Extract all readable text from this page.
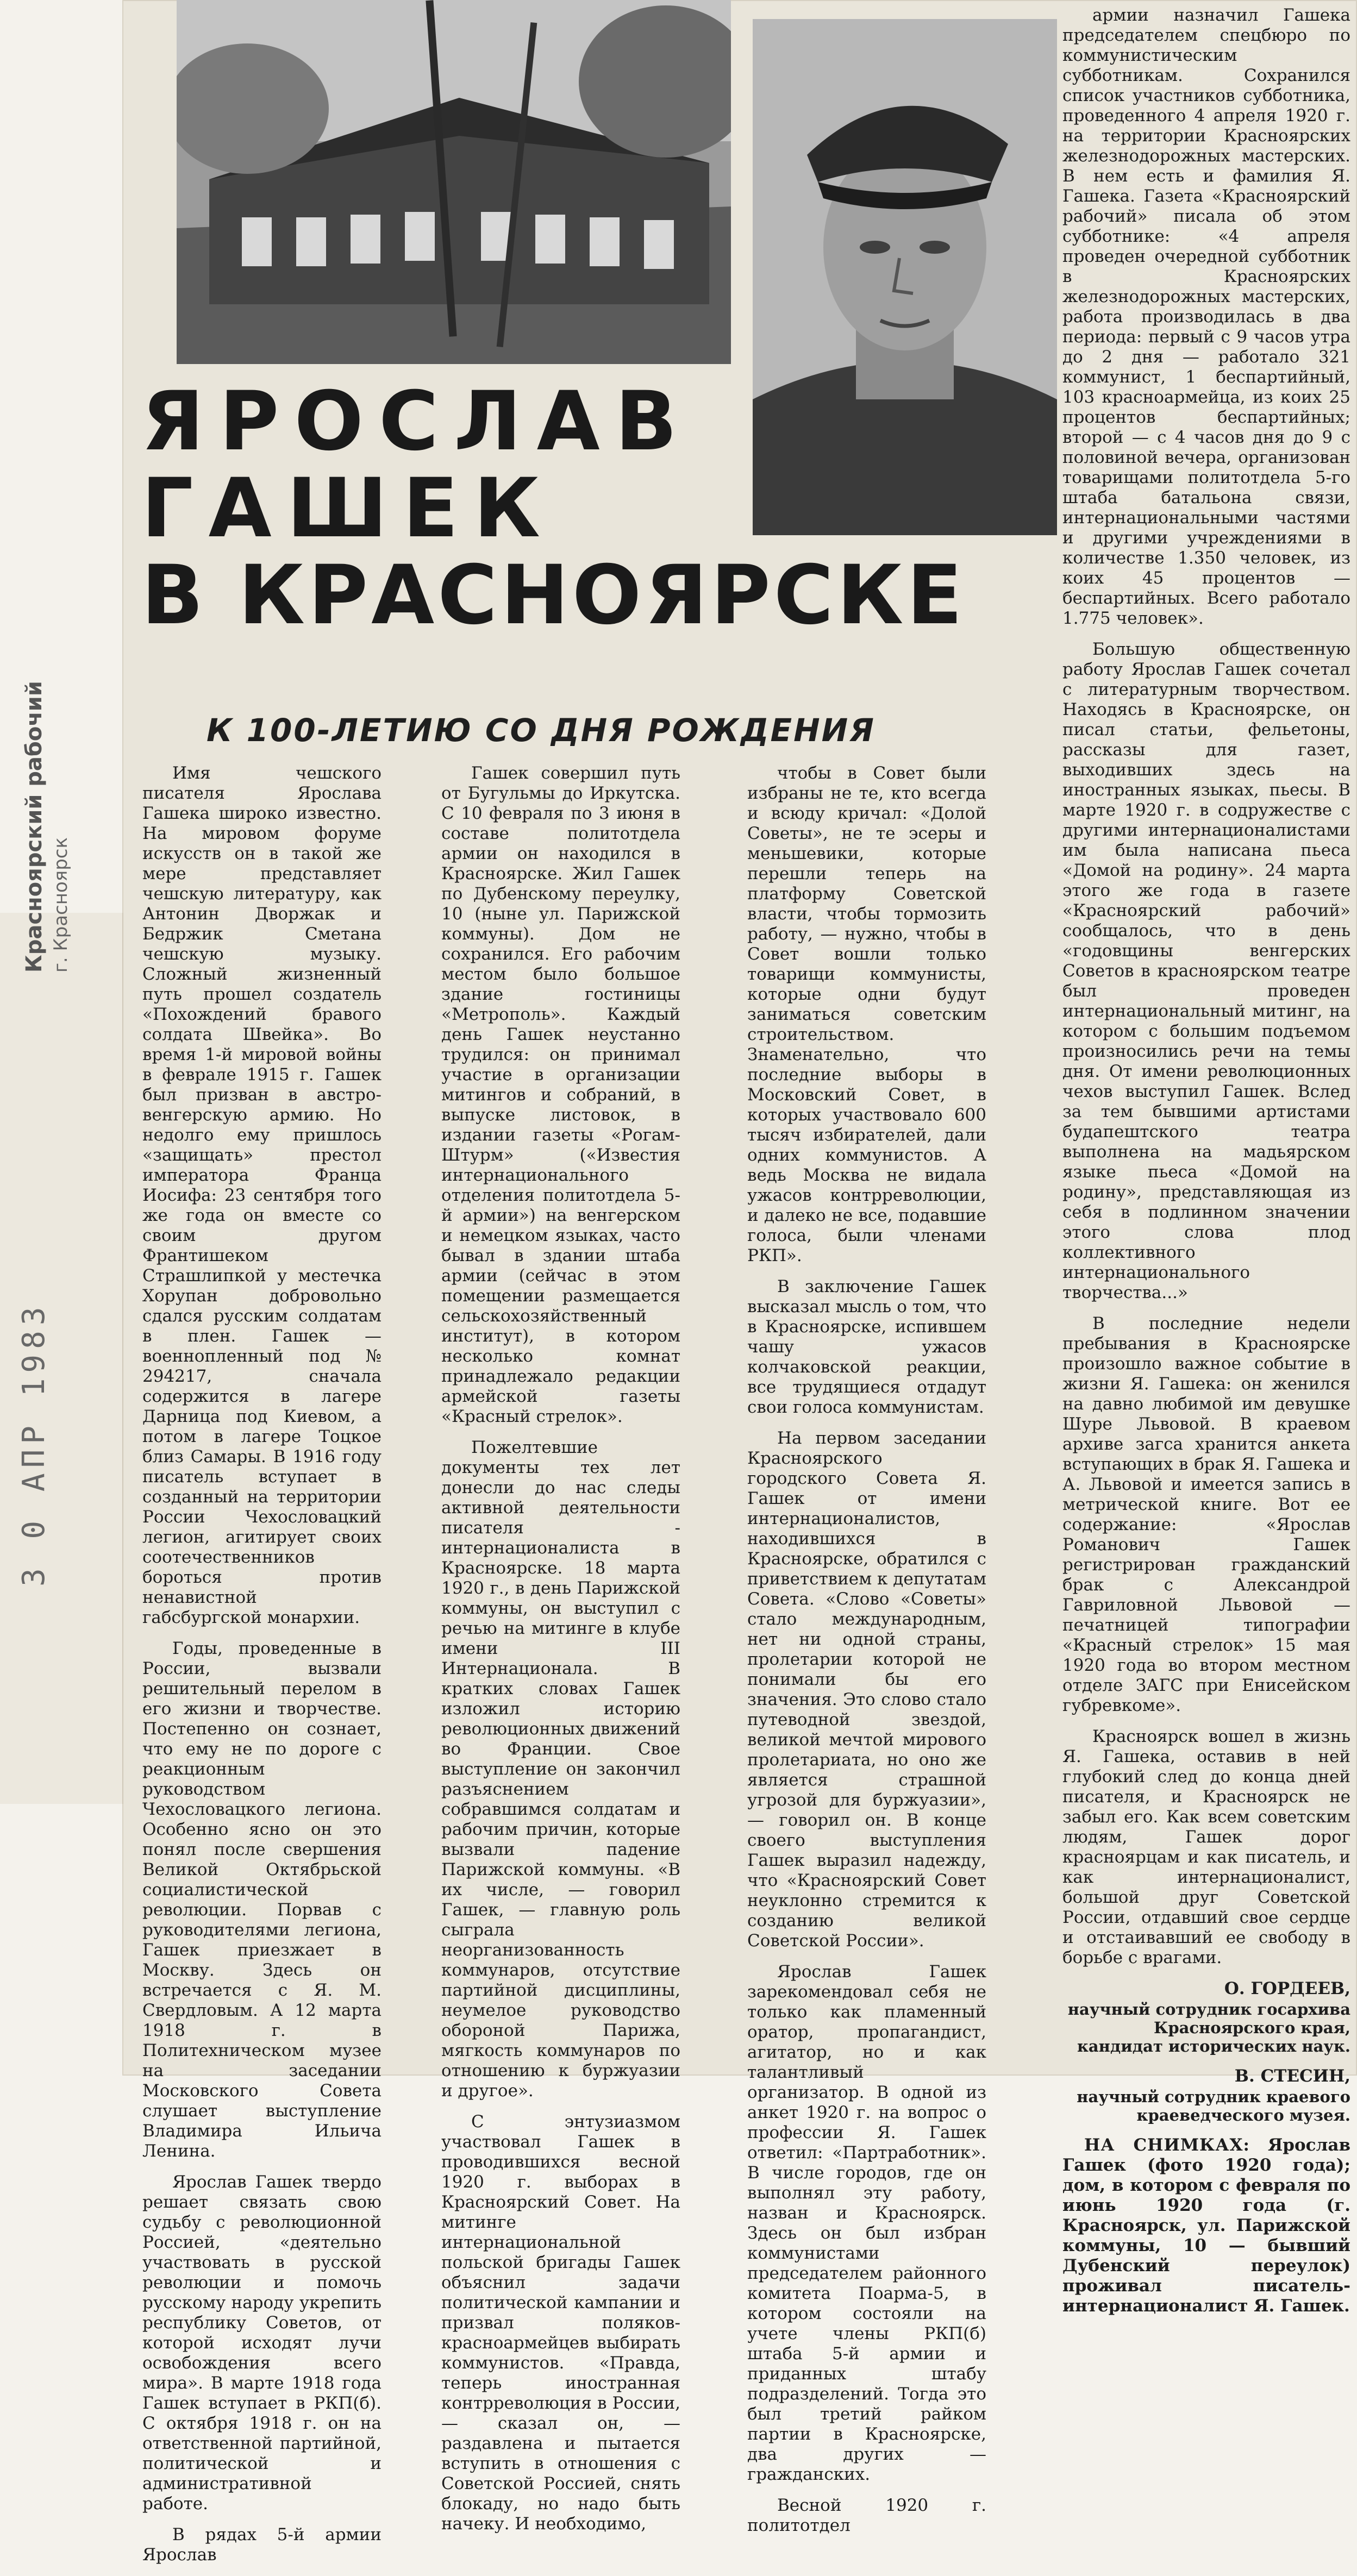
ЯРОСЛАВ
ГАШЕК
В КРАСНОЯРСКЕ
К 100-ЛЕТИЮ СО ДНЯ РОЖДЕНИЯ
Красноярский рабочий г. Красноярск
3 0 АПР 1983

Имя чешского писателя Ярослава Гашека широко известно. На мировом форуме искусств он в такой же мере представляет чешскую литературу, как Антонин Дворжак и Бедржик Сметана чешскую музыку. Сложный жизненный путь прошел создатель «Похождений бравого солдата Швейка». Во время 1-й мировой войны в феврале 1915 г. Гашек был призван в австро-венгерскую армию. Но недолго ему пришлось «защищать» престол императора Франца Иосифа: 23 сентября того же года он вместе со своим другом Франтишеком Страшлипкой у местечка Хорупан добровольно сдался русским солдатам в плен. Гашек — военнопленный под № 294217, сначала содержится в лагере Дарница под Киевом, а потом в лагере Тоцкое близ Самары. В 1916 году писатель вступает в созданный на территории России Чехословацкий легион, агитирует своих соотечественников бороться против ненавистной габсбургской монархии.

Годы, проведенные в России, вызвали решительный перелом в его жизни и творчестве. Постепенно он сознает, что ему не по дороге с реакционным руководством Чехословацкого легиона. Особенно ясно он это понял после свершения Великой Октябрьской социалистической революции. Порвав с руководителями легиона, Гашек приезжает в Москву. Здесь он встречается с Я. М. Свердловым. А 12 марта 1918 г. в Политехническом музее на заседании Московского Совета слушает выступление Владимира Ильича Ленина.

Ярослав Гашек твердо решает связать свою судьбу с революционной Россией, «деятельно участвовать в русской революции и помочь русскому народу укрепить республику Советов, от которой исходят лучи освобождения всего мира». В марте 1918 года Гашек вступает в РКП(б). С октября 1918 г. он на ответственной партийной, политической и административной работе.

В рядах 5-й армии Ярослав

Гашек совершил путь от Бугульмы до Иркутска. С 10 февраля по 3 июня в составе политотдела армии он находился в Красноярске. Жил Гашек по Дубенскому переулку, 10 (ныне ул. Парижской коммуны). Дом не сохранился. Его рабочим местом было большое здание гостиницы «Метрополь». Каждый день Гашек неустанно трудился: он принимал участие в организации митингов и собраний, в выпуске листовок, в издании газеты «Рогам-Штурм» («Известия интернационального отделения политотдела 5-й армии») на венгерском и немецком языках, часто бывал в здании штаба армии (сейчас в этом помещении размещается сельскохозяйственный институт), в котором несколько комнат принадлежало редакции армейской газеты «Красный стрелок».

Пожелтевшие документы тех лет донесли до нас следы активной деятельности писателя - интернационалиста в Красноярске. 18 марта 1920 г., в день Парижской коммуны, он выступил с речью на митинге в клубе имени III Интернационала. В кратких словах Гашек изложил историю революционных движений во Франции. Свое выступление он закончил разъяснением собравшимся солдатам и рабочим причин, которые вызвали падение Парижской коммуны. «В их числе, — говорил Гашек, — главную роль сыграла неорганизованность коммунаров, отсутствие партийной дисциплины, неумелое руководство обороной Парижа, мягкость коммунаров по отношению к буржуазии и другое».

С энтузиазмом участвовал Гашек в проводившихся весной 1920 г. выборах в Красноярский Совет. На митинге интернациональной польской бригады Гашек объяснил задачи политической кампании и призвал поляков-красноармейцев выбирать коммунистов. «Правда, теперь иностранная контрреволюция в России, — сказал он, — раздавлена и пытается вступить в отношения с Советской Россией, снять блокаду, но надо быть начеку. И необходимо,

чтобы в Совет были избраны не те, кто всегда и всюду кричал: «Долой Советы», не те эсеры и меньшевики, которые перешли теперь на платформу Советской власти, чтобы тормозить работу, — нужно, чтобы в Совет вошли только товарищи коммунисты, которые одни будут заниматься советским строительством. Знаменательно, что последние выборы в Московский Совет, в которых участвовало 600 тысяч избирателей, дали одних коммунистов. А ведь Москва не видала ужасов контрреволюции, и далеко не все, подавшие голоса, были членами РКП».

В заключение Гашек высказал мысль о том, что в Красноярске, испившем чашу ужасов колчаковской реакции, все трудящиеся отдадут свои голоса коммунистам.

На первом заседании Красноярского городского Совета Я. Гашек от имени интернационалистов, находившихся в Красноярске, обратился с приветствием к депутатам Совета. «Слово «Советы» стало международным, нет ни одной страны, пролетарии которой не понимали бы его значения. Это слово стало путеводной звездой, великой мечтой мирового пролетариата, но оно же является страшной угрозой для буржуазии», — говорил он. В конце своего выступления Гашек выразил надежду, что «Красноярский Совет неуклонно стремится к созданию великой Советской России».

Ярослав Гашек зарекомендовал себя не только как пламенный оратор, пропагандист, агитатор, но и как талантливый организатор. В одной из анкет 1920 г. на вопрос о профессии Я. Гашек ответил: «Партработник». В числе городов, где он выполнял эту работу, назван и Красноярск. Здесь он был избран коммунистами председателем районного комитета Поарма-5, в котором состояли на учете члены РКП(б) штаба 5-й армии и приданных штабу подразделений. Тогда это был третий райком партии в Красноярске, два других — гражданских.

Весной 1920 г. политотдел

армии назначил Гашека председателем спецбюро по коммунистическим субботникам. Сохранился список участников субботника, проведенного 4 апреля 1920 г. на территории Красноярских железнодорожных мастерских. В нем есть и фамилия Я. Гашека. Газета «Красноярский рабочий» писала об этом субботнике: «4 апреля проведен очередной субботник в Красноярских железнодорожных мастерских, работа производилась в два периода: первый с 9 часов утра до 2 дня — работало 321 коммунист, 1 беспартийный, 103 красноармейца, из коих 25 процентов беспартийных; второй — с 4 часов дня до 9 с половиной вечера, организован товарищами политотдела 5-го штаба батальона связи, интернациональными частями и другими учреждениями в количестве 1.350 человек, из коих 45 процентов — беспартийных. Всего работало 1.775 человек».

Большую общественную работу Ярослав Гашек сочетал с литературным творчеством. Находясь в Красноярске, он писал статьи, фельетоны, рассказы для газет, выходивших здесь на иностранных языках, пьесы. В марте 1920 г. в содружестве с другими интернационалистами им была написана пьеса «Домой на родину». 24 марта этого же года в газете «Красноярский рабочий» сообщалось, что в день «годовщины венгерских Советов в красноярском театре был проведен интернациональный митинг, на котором с большим подъемом произносились речи на темы дня. От имени революционных чехов выступил Гашек. Вслед за тем бывшими артистами будапештского театра выполнена на мадьярском языке пьеса «Домой на родину», представляющая из себя в подлинном значении этого слова плод коллективного интернационального творчества...»

В последние недели пребывания в Красноярске произошло важное событие в жизни Я. Гашека: он женился на давно любимой им девушке Шуре Львовой. В краевом архиве загса хранится анкета вступающих в брак Я. Гашека и А. Львовой и имеется запись в метрической книге. Вот ее содержание: «Ярослав Романович Гашек регистрирован гражданский брак с Александрой Гавриловной Львовой — печатницей типографии «Красный стрелок» 15 мая 1920 года во втором местном отделе ЗАГС при Енисейском губревкоме».

Красноярск вошел в жизнь Я. Гашека, оставив в ней глубокий след до конца дней писателя, и Красноярск не забыл его. Как всем советским людям, Гашек дорог красноярцам и как писатель, и как интернационалист, большой друг Советской России, отдавший свое сердце и отстаивавший ее свободу в борьбе с врагами.

О. ГОРДЕЕВ,
научный сотрудник госархива Красноярского края, кандидат исторических наук.
В. СТЕСИН,
научный сотрудник краевого краеведческого музея.

НА СНИМКАХ: Ярослав Гашек (фото 1920 года); дом, в котором с февраля по июнь 1920 года (г. Красноярск, ул. Парижской коммуны, 10 — бывший Дубенский переулок) проживал писатель-интернационалист Я. Гашек.
